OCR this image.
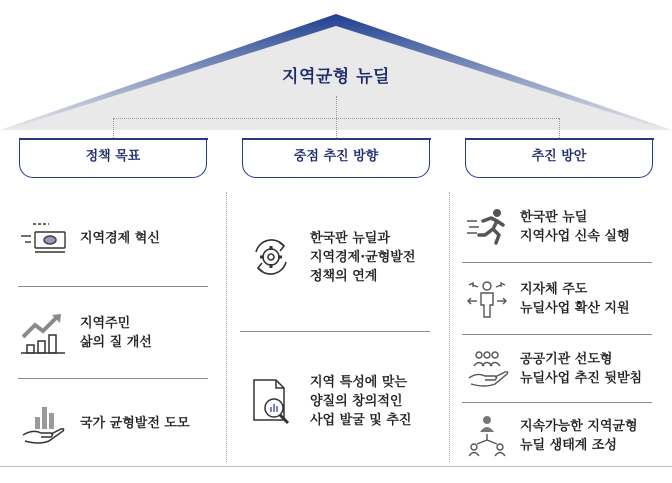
지역균형 뉴딜
정책 목표	중점 추진 방향	추진 방안
지역경제 혁신
지역주민
삶의 질 개선
국가 균형발전 도모
한국판 뉴딜과
지역경제·균형발전
정책의 연계
지역 특성에 맞는
양질의 창의적인
사업 발굴 및 추진
한국판 뉴딜
지역사업 신속 실행
지자체 주도
뉴딜사업 확산 지원
공공기관 선도형
뉴딜사업 추진 뒷받침
지속가능한 지역균형
뉴딜 생태계 조성
